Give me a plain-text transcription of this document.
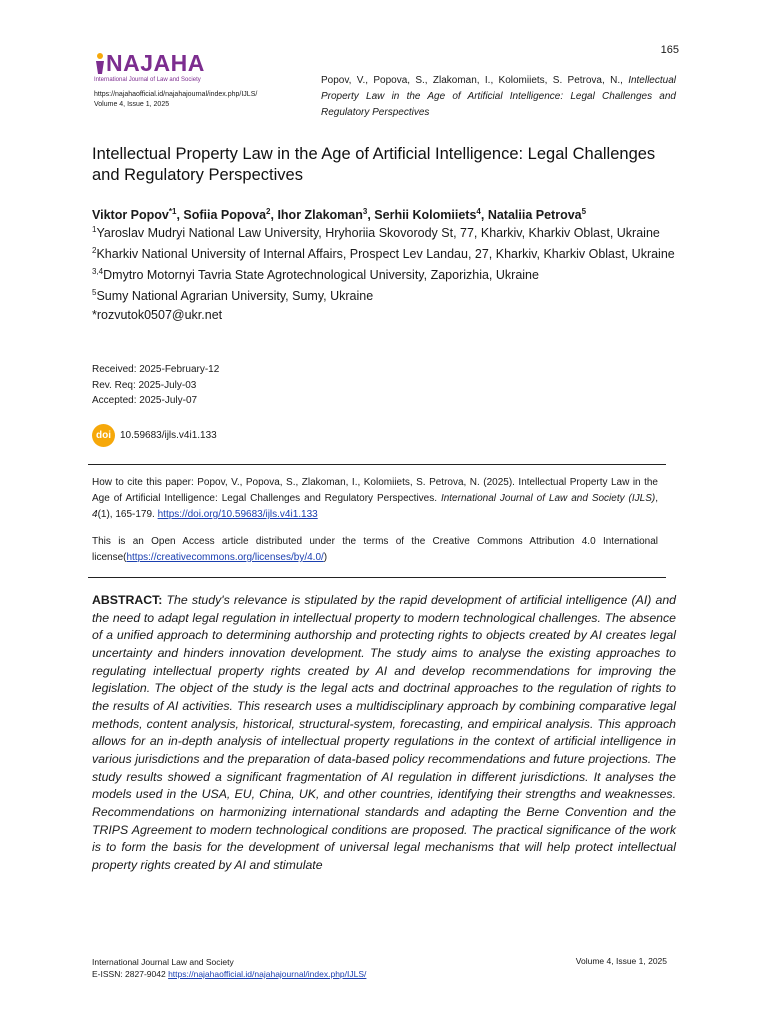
165
NAJAHA
International Journal of Law and Society
https://najahaofficial.id/najahajournal/index.php/IJLS/
Volume 4, Issue 1, 2025
Popov, V., Popova, S., Zlakoman, I., Kolomiiets, S. Petrova, N., Intellectual Property Law in the Age of Artificial Intelligence: Legal Challenges and Regulatory Perspectives
Intellectual Property Law in the Age of Artificial Intelligence: Legal Challenges and Regulatory Perspectives
Viktor Popov$^{*1}$, Sofiia Popova$^2$, Ihor Zlakoman$^3$, Serhii Kolomiiets$^4$, Nataliia Petrova$^5$
$^1$Yaroslav Mudryi National Law University, Hryhoriia Skovorody St, 77, Kharkiv, Kharkiv Oblast, Ukraine
$^2$Kharkiv National University of Internal Affairs, Prospect Lev Landau, 27, Kharkiv, Kharkiv Oblast, Ukraine
$^{3,4}$Dmytro Motornyi Tavria State Agrotechnological University, Zaporizhia, Ukraine
$^5$Sumy National Agrarian University, Sumy, Ukraine
*rozvutok0507@ukr.net
Received: 2025-February-12
Rev. Req: 2025-July-03
Accepted: 2025-July-07
doi 10.59683/ijls.v4i1.133

How to cite this paper: Popov, V., Popova, S., Zlakoman, I., Kolomiiets, S. Petrova, N. (2025). Intellectual Property Law in the Age of Artificial Intelligence: Legal Challenges and Regulatory Perspectives. International Journal of Law and Society (IJLS), 4(1), 165-179. https://doi.org/10.59683/ijls.v4i1.133

This is an Open Access article distributed under the terms of the Creative Commons Attribution 4.0 International license(https://creativecommons.org/licenses/by/4.0/)

ABSTRACT: The study's relevance is stipulated by the rapid development of artificial intelligence (AI) and the need to adapt legal regulation in intellectual property to modern technological challenges. The absence of a unified approach to determining authorship and protecting rights to objects created by AI creates legal uncertainty and hinders innovation development. The study aims to analyse the existing approaches to regulating intellectual property rights created by AI and develop recommendations for improving the legislation. The object of the study is the legal acts and doctrinal approaches to the regulation of rights to the results of AI activities. This research uses a multidisciplinary approach by combining comparative legal methods, content analysis, historical, structural-system, forecasting, and empirical analysis. This approach allows for an in-depth analysis of intellectual property regulations in the context of artificial intelligence in various jurisdictions and the preparation of data-based policy recommendations and future projections. The study results showed a significant fragmentation of AI regulation in different jurisdictions. It analyses the models used in the USA, EU, China, UK, and other countries, identifying their strengths and weaknesses. Recommendations on harmonizing international standards and adapting the Berne Convention and the TRIPS Agreement to modern technological conditions are proposed. The practical significance of the work is to form the basis for the development of universal legal mechanisms that will help protect intellectual property rights created by AI and stimulate

International Journal Law and Society
E-ISSN: 2827-9042 https://najahaofficial.id/najahajournal/index.php/IJLS/
Volume 4, Issue 1, 2025
